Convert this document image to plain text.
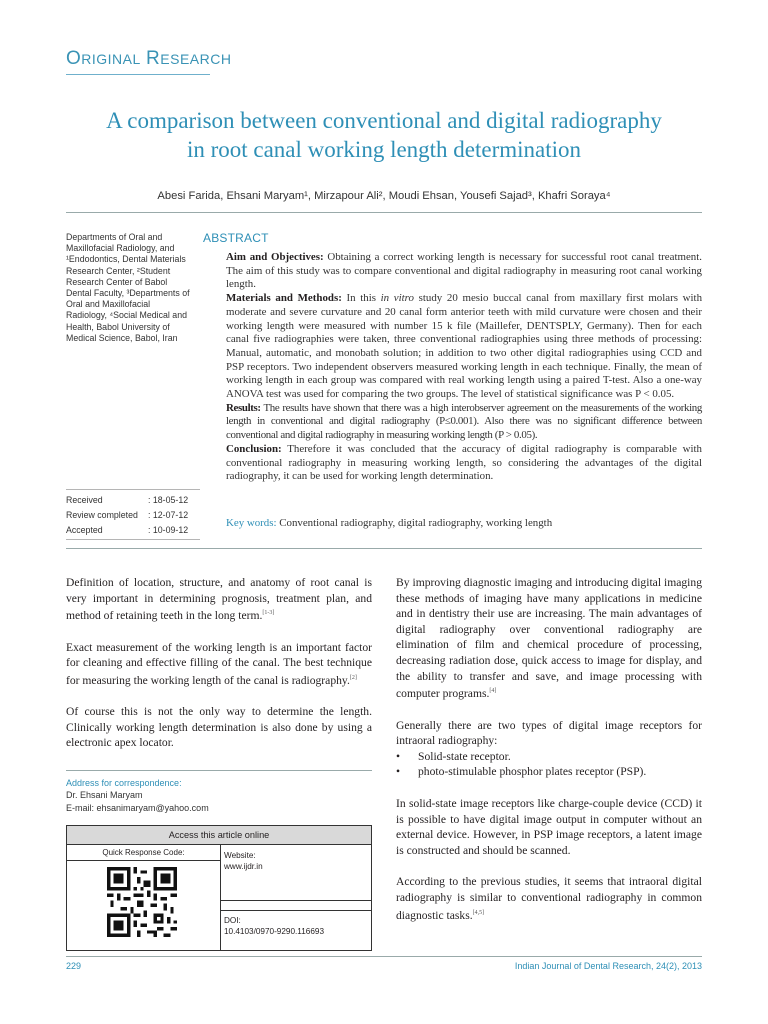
ORIGINAL RESEARCH
A comparison between conventional and digital radiography
in root canal working length determination
Abesi Farida, Ehsani Maryam¹, Mirzapour Ali², Moudi Ehsan, Yousefi Sajad³, Khafri Soraya⁴
Departments of Oral and Maxillofacial Radiology, and ¹Endodontics, Dental Materials Research Center, ²Student Research Center of Babol Dental Faculty, ³Departments of Oral and Maxillofacial Radiology, ⁴Social Medical and Health, Babol University of Medical Science, Babol, Iran
Received	: 18-05-12
Review completed	: 12-07-12
Accepted	: 10-09-12
ABSTRACT
Aim and Objectives: Obtaining a correct working length is necessary for successful root canal treatment. The aim of this study was to compare conventional and digital radiography in measuring root canal working length.
Materials and Methods: In this in vitro study 20 mesio buccal canal from maxillary first molars with moderate and severe curvature and 20 canal form anterior teeth with mild curvature were chosen and their working length were measured with number 15 k file (Maillefer, DENTSPLY, Germany). Then for each canal five radiographies were taken, three conventional radiographies using three methods of processing: Manual, automatic, and monobath solution; in addition to two other digital radiographies using CCD and PSP receptors. Two independent observers measured working length in each technique. Finally, the mean of working length in each group was compared with real working length using a paired T-test. Also a one-way ANOVA test was used for comparing the two groups. The level of statistical significance was P < 0.05.
Results: The results have shown that there was a high interobserver agreement on the measurements of the working length in conventional and digital radiography (P≤0.001). Also there was no significant difference between conventional and digital radiography in measuring working length (P > 0.05).
Conclusion: Therefore it was concluded that the accuracy of digital radiography is comparable with conventional radiography in measuring working length, so considering the advantages of the digital radiography, it can be used for working length determination.
Key words: Conventional radiography, digital radiography, working length

Definition of location, structure, and anatomy of root canal is very important in determining prognosis, treatment plan, and method of retaining teeth in the long term.[1-3]

Exact measurement of the working length is an important factor for cleaning and effective filling of the canal. The best technique for measuring the working length of the canal is radiography.[2]

Of course this is not the only way to determine the length. Clinically working length determination is also done by using a electronic apex locator.

Address for correspondence:
Dr. Ehsani Maryam
E-mail: ehsanimaryam@yahoo.com
Access this article online
Quick Response Code:	Website:
www.ijdr.in
DOI:
10.4103/0970-9290.116693

By improving diagnostic imaging and introducing digital imaging these methods of imaging have many applications in medicine and in dentistry their use are increasing. The main advantages of digital radiography over conventional radiography are elimination of film and chemical procedure of processing, decreasing radiation dose, quick access to image for display, and the ability to transfer and save, and image processing with computer programs.[4]

Generally there are two types of digital image receptors for intraoral radiography:

• Solid-state receptor.
• photo-stimulable phosphor plates receptor (PSP).

In solid-state image receptors like charge-couple device (CCD) it is possible to have digital image output in computer without an external device. However, in PSP image receptors, a latent image is constructed and should be scanned.

According to the previous studies, it seems that intraoral digital radiography is similar to conventional radiography in common diagnostic tasks.[4,5]

229	Indian Journal of Dental Research, 24(2), 2013
